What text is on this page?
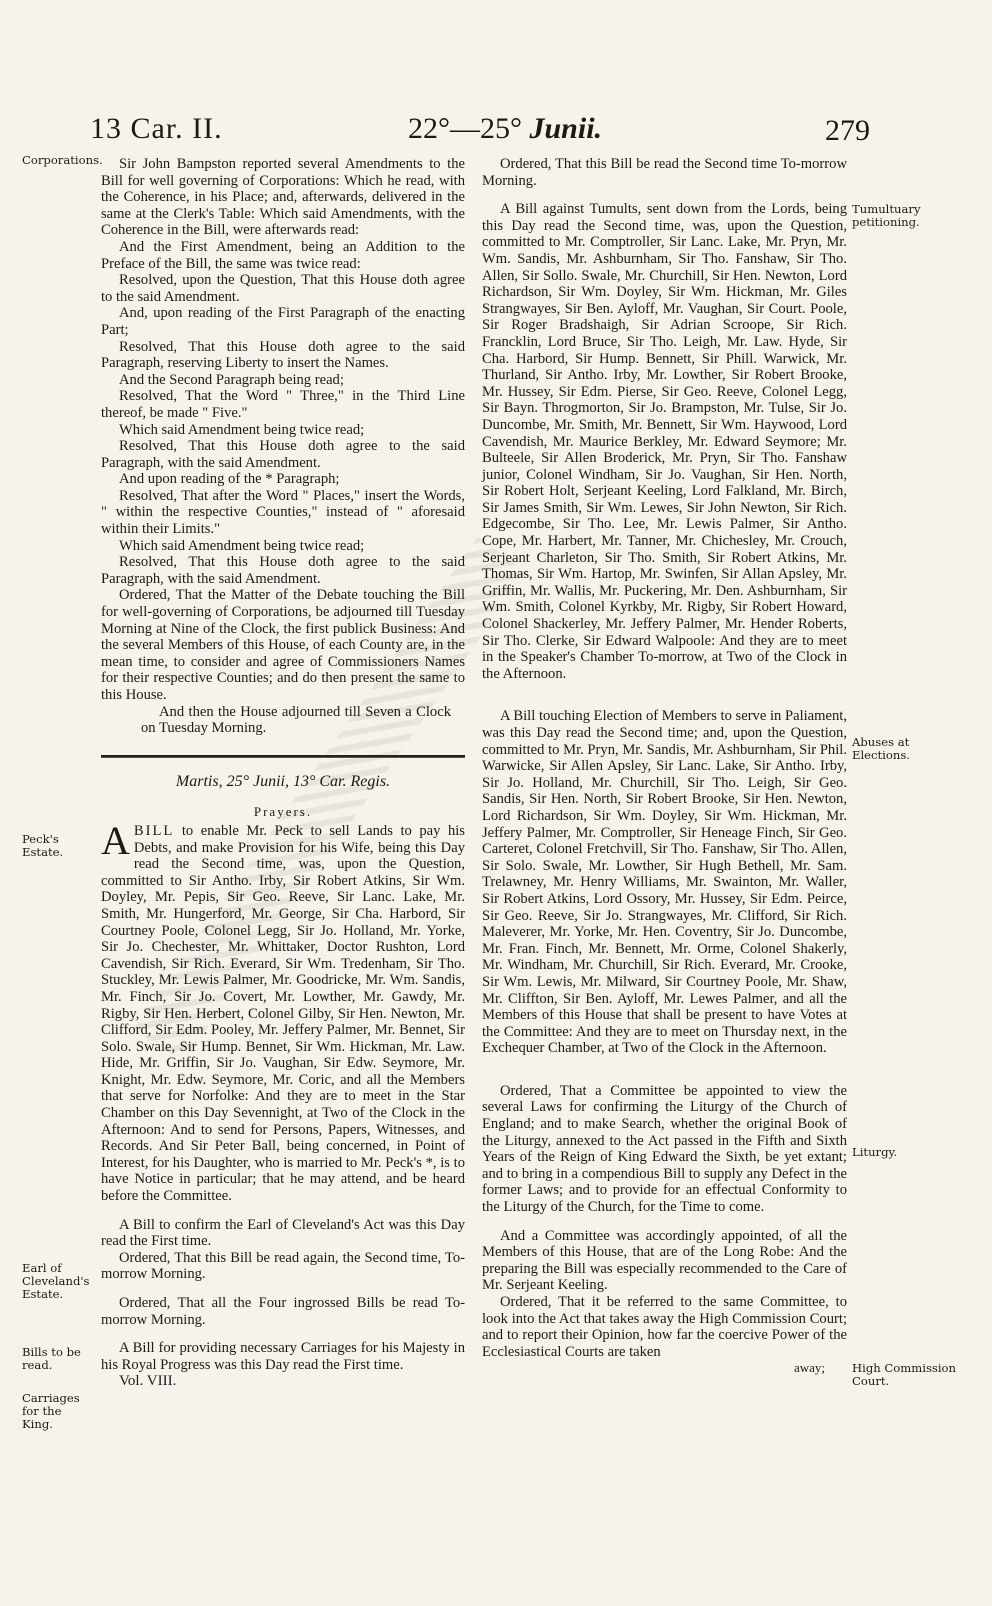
13 Car. II.	22°—25° Junii.	279
Corporations.
Peck's Estate.
Earl of Cleveland's Estate.
Bills to be read.
Carriages for the King.
Tumultuary petitioning.
Abuses at Elections.
Liturgy.
High Commission Court.

Sir John Bampston reported several Amendments to the Bill for well governing of Corporations: Which he read, with the Coherence, in his Place; and, afterwards, delivered in the same at the Clerk's Table: Which said Amendments, with the Coherence in the Bill, were afterwards read:

And the First Amendment, being an Addition to the Preface of the Bill, the same was twice read:

Resolved, upon the Question, That this House doth agree to the said Amendment.

And, upon reading of the First Paragraph of the enacting Part;

Resolved, That this House doth agree to the said Paragraph, reserving Liberty to insert the Names.

And the Second Paragraph being read;

Resolved, That the Word " Three," in the Third Line thereof, be made " Five."

Which said Amendment being twice read;

Resolved, That this House doth agree to the said Paragraph, with the said Amendment.

And upon reading of the * Paragraph;

Resolved, That after the Word " Places," insert the Words, " within the respective Counties," instead of " aforesaid within their Limits."

Which said Amendment being twice read;

Resolved, That this House doth agree to the said Paragraph, with the said Amendment.

Ordered, That the Matter of the Debate touching the Bill for well-governing of Corporations, be adjourned till Tuesday Morning at Nine of the Clock, the first publick Business: And the several Members of this House, of each County are, in the mean time, to consider and agree of Commissioners Names for their respective Counties; and do then present the same to this House.

And then the House adjourned till Seven a Clock on Tuesday Morning.

Martis, 25° Junii, 13° Car. Regis.
Prayers.

ABILL to enable Mr. Peck to sell Lands to pay his Debts, and make Provision for his Wife, being this Day read the Second time, was, upon the Question, committed to Sir Antho. Irby, Sir Robert Atkins, Sir Wm. Doyley, Mr. Pepis, Sir Geo. Reeve, Sir Lanc. Lake, Mr. Smith, Mr. Hungerford, Mr. George, Sir Cha. Harbord, Sir Courtney Poole, Colonel Legg, Sir Jo. Holland, Mr. Yorke, Sir Jo. Chechester, Mr. Whittaker, Doctor Rushton, Lord Cavendish, Sir Rich. Everard, Sir Wm. Tredenham, Sir Tho. Stuckley, Mr. Lewis Palmer, Mr. Goodricke, Mr. Wm. Sandis, Mr. Finch, Sir Jo. Covert, Mr. Lowther, Mr. Gawdy, Mr. Rigby, Sir Hen. Herbert, Colonel Gilby, Sir Hen. Newton, Mr. Clifford, Sir Edm. Pooley, Mr. Jeffery Palmer, Mr. Bennet, Sir Solo. Swale, Sir Hump. Bennet, Sir Wm. Hickman, Mr. Law. Hide, Mr. Griffin, Sir Jo. Vaughan, Sir Edw. Seymore, Mr. Knight, Mr. Edw. Seymore, Mr. Coric, and all the Members that serve for Norfolke: And they are to meet in the Star Chamber on this Day Sevennight, at Two of the Clock in the Afternoon: And to send for Persons, Papers, Witnesses, and Records. And Sir Peter Ball, being concerned, in Point of Interest, for his Daughter, who is married to Mr. Peck's *, is to have Notice in particular; that he may attend, and be heard before the Committee.

A Bill to confirm the Earl of Cleveland's Act was this Day read the First time.

Ordered, That this Bill be read again, the Second time, To-morrow Morning.

Ordered, That all the Four ingrossed Bills be read To-morrow Morning.

A Bill for providing necessary Carriages for his Majesty in his Royal Progress was this Day read the First time.

Vol. VIII.

Ordered, That this Bill be read the Second time To-morrow Morning.

A Bill against Tumults, sent down from the Lords, being this Day read the Second time, was, upon the Question, committed to Mr. Comptroller, Sir Lanc. Lake, Mr. Pryn, Mr. Wm. Sandis, Mr. Ashburnham, Sir Tho. Fanshaw, Sir Tho. Allen, Sir Sollo. Swale, Mr. Churchill, Sir Hen. Newton, Lord Richardson, Sir Wm. Doyley, Sir Wm. Hickman, Mr. Giles Strangwayes, Sir Ben. Ayloff, Mr. Vaughan, Sir Court. Poole, Sir Roger Bradshaigh, Sir Adrian Scroope, Sir Rich. Francklin, Lord Bruce, Sir Tho. Leigh, Mr. Law. Hyde, Sir Cha. Harbord, Sir Hump. Bennett, Sir Phill. Warwick, Mr. Thurland, Sir Antho. Irby, Mr. Lowther, Sir Robert Brooke, Mr. Hussey, Sir Edm. Pierse, Sir Geo. Reeve, Colonel Legg, Sir Bayn. Throgmorton, Sir Jo. Brampston, Mr. Tulse, Sir Jo. Duncombe, Mr. Smith, Mr. Bennett, Sir Wm. Haywood, Lord Cavendish, Mr. Maurice Berkley, Mr. Edward Seymore; Mr. Bulteele, Sir Allen Broderick, Mr. Pryn, Sir Tho. Fanshaw junior, Colonel Windham, Sir Jo. Vaughan, Sir Hen. North, Sir Robert Holt, Serjeant Keeling, Lord Falkland, Mr. Birch, Sir James Smith, Sir Wm. Lewes, Sir John Newton, Sir Rich. Edgecombe, Sir Tho. Lee, Mr. Lewis Palmer, Sir Antho. Cope, Mr. Harbert, Mr. Tanner, Mr. Chichesley, Mr. Crouch, Serjeant Charleton, Sir Tho. Smith, Sir Robert Atkins, Mr. Thomas, Sir Wm. Hartop, Mr. Swinfen, Sir Allan Apsley, Mr. Griffin, Mr. Wallis, Mr. Puckering, Mr. Den. Ashburnham, Sir Wm. Smith, Colonel Kyrkby, Mr. Rigby, Sir Robert Howard, Colonel Shackerley, Mr. Jeffery Palmer, Mr. Hender Roberts, Sir Tho. Clerke, Sir Edward Walpoole: And they are to meet in the Speaker's Chamber To-morrow, at Two of the Clock in the Afternoon.

A Bill touching Election of Members to serve in Paliament, was this Day read the Second time; and, upon the Question, committed to Mr. Pryn, Mr. Sandis, Mr. Ashburnham, Sir Phil. Warwicke, Sir Allen Apsley, Sir Lanc. Lake, Sir Antho. Irby, Sir Jo. Holland, Mr. Churchill, Sir Tho. Leigh, Sir Geo. Sandis, Sir Hen. North, Sir Robert Brooke, Sir Hen. Newton, Lord Richardson, Sir Wm. Doyley, Sir Wm. Hickman, Mr. Jeffery Palmer, Mr. Comptroller, Sir Heneage Finch, Sir Geo. Carteret, Colonel Fretchvill, Sir Tho. Fanshaw, Sir Tho. Allen, Sir Solo. Swale, Mr. Lowther, Sir Hugh Bethell, Mr. Sam. Trelawney, Mr. Henry Williams, Mr. Swainton, Mr. Waller, Sir Robert Atkins, Lord Ossory, Mr. Hussey, Sir Edm. Peirce, Sir Geo. Reeve, Sir Jo. Strangwayes, Mr. Clifford, Sir Rich. Maleverer, Mr. Yorke, Mr. Hen. Coventry, Sir Jo. Duncombe, Mr. Fran. Finch, Mr. Bennett, Mr. Orme, Colonel Shakerly, Mr. Windham, Mr. Churchill, Sir Rich. Everard, Mr. Crooke, Sir Wm. Lewis, Mr. Milward, Sir Courtney Poole, Mr. Shaw, Mr. Cliffton, Sir Ben. Ayloff, Mr. Lewes Palmer, and all the Members of this House that shall be present to have Votes at the Committee: And they are to meet on Thursday next, in the Exchequer Chamber, at Two of the Clock in the Afternoon.

Ordered, That a Committee be appointed to view the several Laws for confirming the Liturgy of the Church of England; and to make Search, whether the original Book of the Liturgy, annexed to the Act passed in the Fifth and Sixth Years of the Reign of King Edward the Sixth, be yet extant; and to bring in a compendious Bill to supply any Defect in the former Laws; and to provide for an effectual Conformity to the Liturgy of the Church, for the Time to come.

And a Committee was accordingly appointed, of all the Members of this House, that are of the Long Robe: And the preparing the Bill was especially recommended to the Care of Mr. Serjeant Keeling.

Ordered, That it be referred to the same Committee, to look into the Act that takes away the High Commission Court; and to report their Opinion, how far the coercive Power of the Ecclesiastical Courts are taken

away;
